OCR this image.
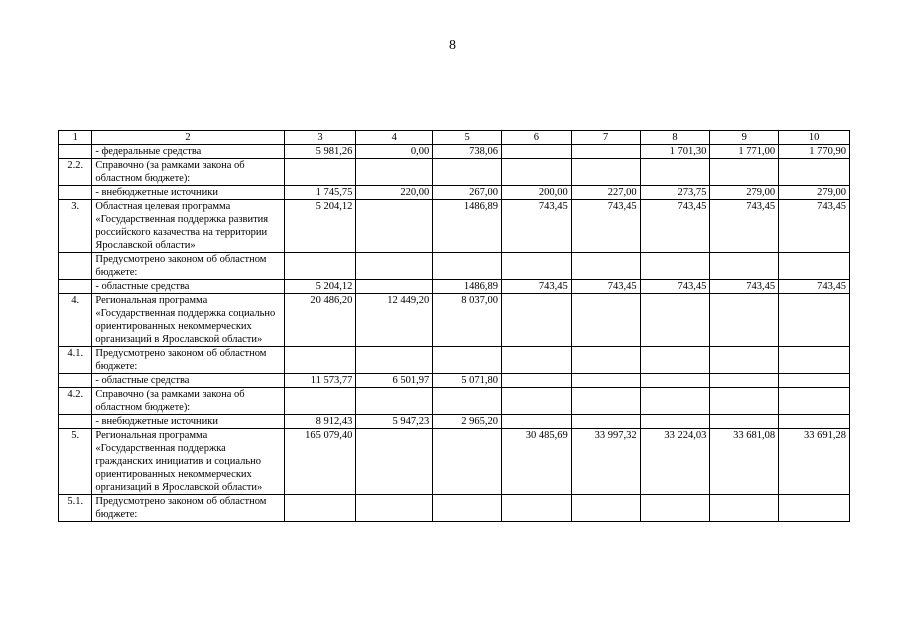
8
1	2	3	4	5	6	7	8	9	10
	- федеральные средства	5 981,26	0,00	738,06			1 701,30	1 771,00	1 770,90
2.2.	Справочно (за рамками закона об областном бюджете):								
	- внебюджетные источники	1 745,75	220,00	267,00	200,00	227,00	273,75	279,00	279,00
3.	Областная целевая программа «Государственная поддержка развития российского казачества на территории Ярославской области»	5 204,12		1486,89	743,45	743,45	743,45	743,45	743,45
	Предусмотрено законом об областном бюджете:								
	- областные средства	5 204,12		1486,89	743,45	743,45	743,45	743,45	743,45
4.	Региональная программа «Государственная поддержка социально ориентированных некоммерческих организаций в Ярославской области»	20 486,20	12 449,20	8 037,00					
4.1.	Предусмотрено законом об областном бюджете:								
	- областные средства	11 573,77	6 501,97	5 071,80					
4.2.	Справочно (за рамками закона об областном бюджете):								
	- внебюджетные источники	8 912,43	5 947,23	2 965,20					
5.	Региональная программа «Государственная поддержка гражданских инициатив и социально ориентированных некоммерческих организаций в Ярославской области»	165 079,40			30 485,69	33 997,32	33 224,03	33 681,08	33 691,28
5.1.	Предусмотрено законом об областном бюджете:								
